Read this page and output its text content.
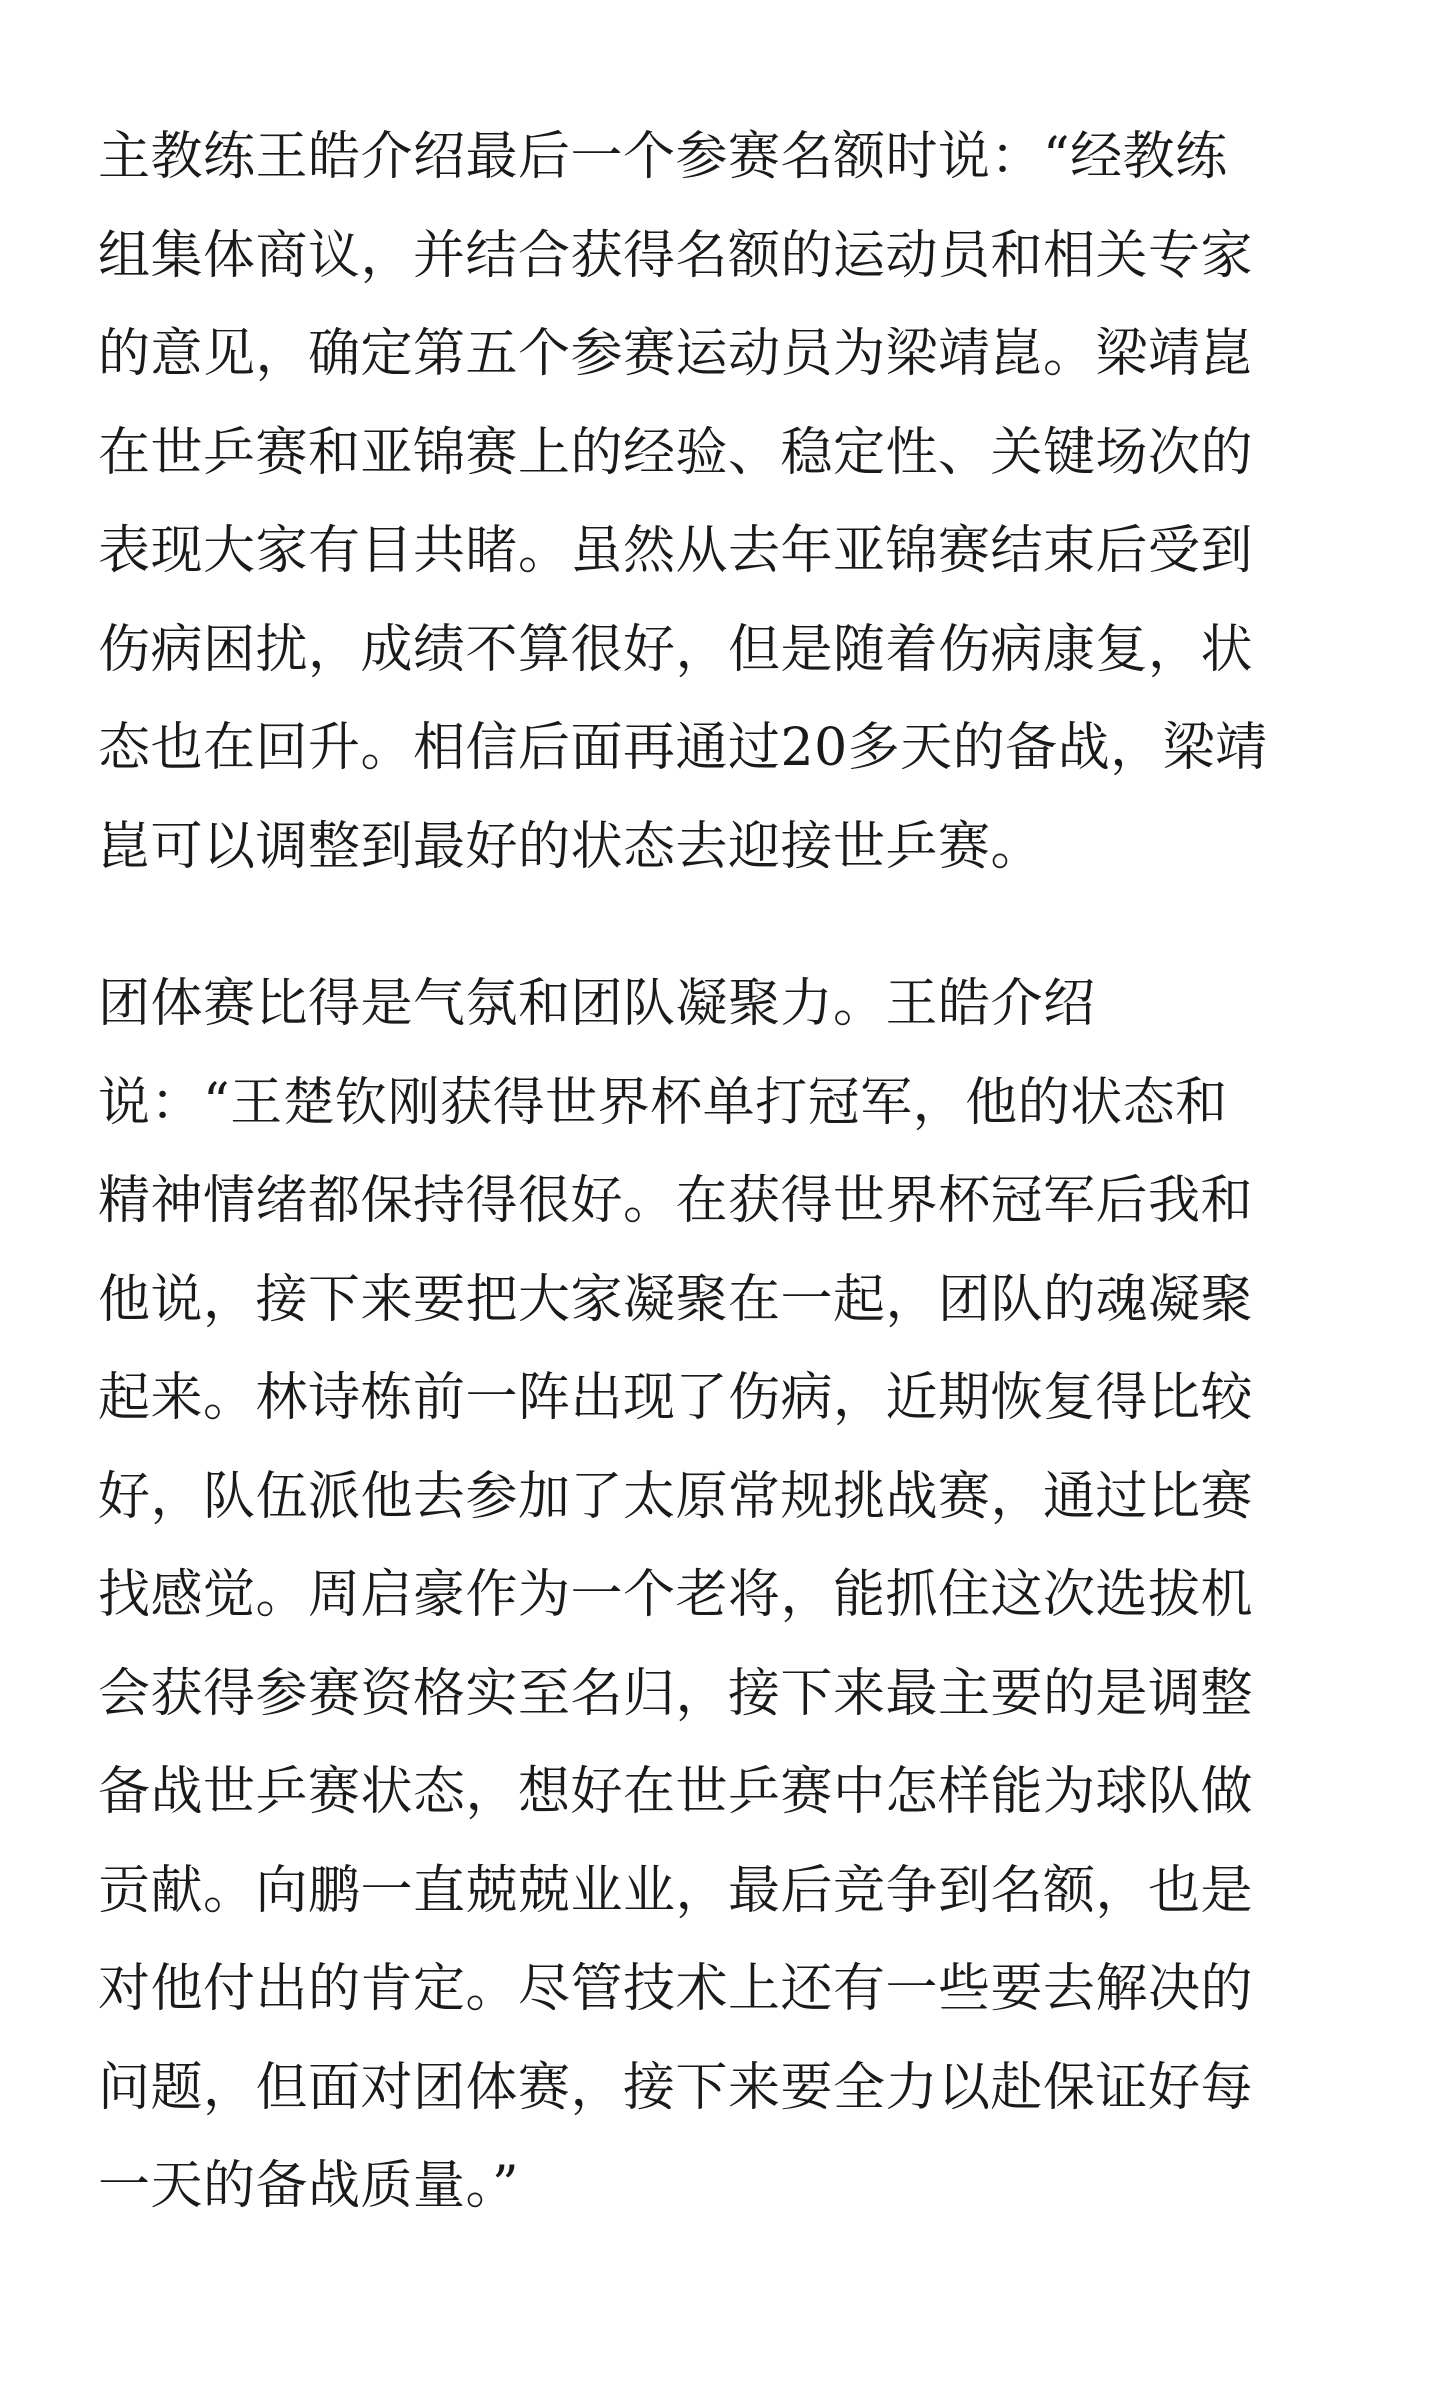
主教练王皓介绍最后一个参赛名额时说：“经教练
组集体商议，并结合获得名额的运动员和相关专家
的意见，确定第五个参赛运动员为梁靖崑。梁靖崑
在世乒赛和亚锦赛上的经验、稳定性、关键场次的
表现大家有目共睹。虽然从去年亚锦赛结束后受到
伤病困扰，成绩不算很好，但是随着伤病康复，状
态也在回升。相信后面再通过20多天的备战，梁靖
崑可以调整到最好的状态去迎接世乒赛。

团体赛比得是气氛和团队凝聚力。王皓介绍
说：“王楚钦刚获得世界杯单打冠军，他的状态和
精神情绪都保持得很好。在获得世界杯冠军后我和
他说，接下来要把大家凝聚在一起，团队的魂凝聚
起来。林诗栋前一阵出现了伤病，近期恢复得比较
好，队伍派他去参加了太原常规挑战赛，通过比赛
找感觉。周启豪作为一个老将，能抓住这次选拔机
会获得参赛资格实至名归，接下来最主要的是调整
备战世乒赛状态，想好在世乒赛中怎样能为球队做
贡献。向鹏一直兢兢业业，最后竞争到名额，也是
对他付出的肯定。尽管技术上还有一些要去解决的
问题，但面对团体赛，接下来要全力以赴保证好每
一天的备战质量。”
